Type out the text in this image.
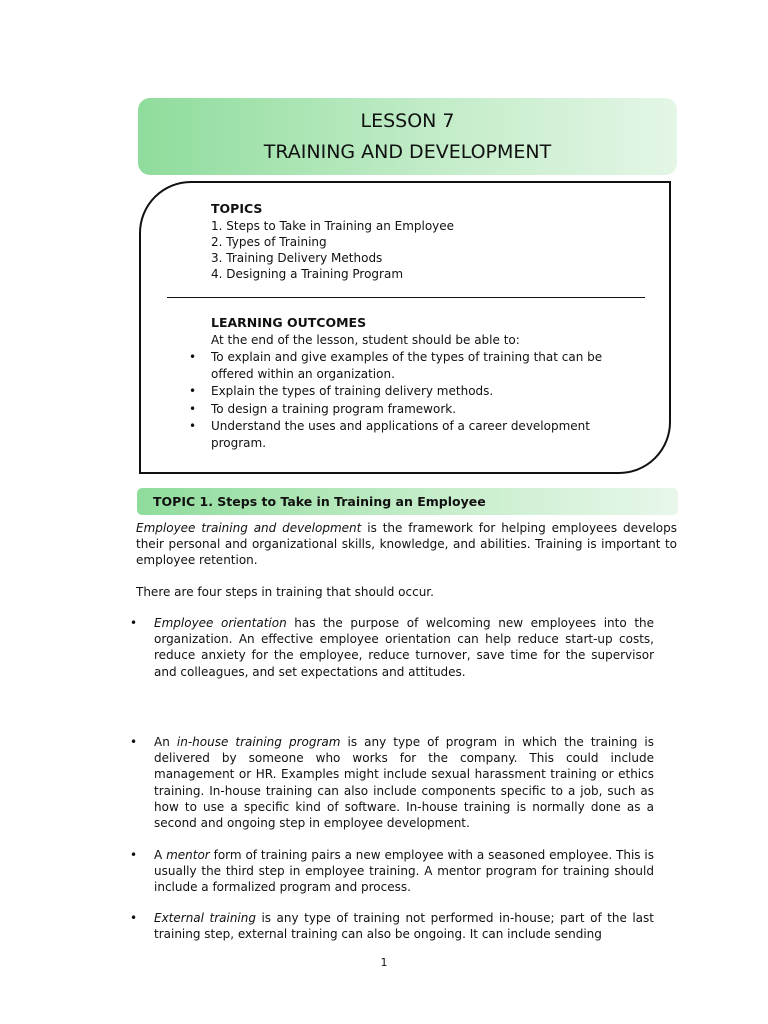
LESSON 7
TRAINING AND DEVELOPMENT
TOPICS
1. Steps to Take in Training an Employee
2. Types of Training
3. Training Delivery Methods
4. Designing a Training Program
LEARNING OUTCOMES
At the end of the lesson, student should be able to:
• To explain and give examples of the types of training that can be offered within an organization.
• Explain the types of training delivery methods.
• To design a training program framework.
• Understand the uses and applications of a career development program.
TOPIC 1. Steps to Take in Training an Employee
Employee training and development is the framework for helping employees develops their personal and organizational skills, knowledge, and abilities. Training is important to employee retention.
There are four steps in training that should occur.
• Employee orientation has the purpose of welcoming new employees into the organization. An effective employee orientation can help reduce start-up costs, reduce anxiety for the employee, reduce turnover, save time for the supervisor and colleagues, and set expectations and attitudes.
• An in-house training program is any type of program in which the training is delivered by someone who works for the company. This could include management or HR. Examples might include sexual harassment training or ethics training. In-house training can also include components specific to a job, such as how to use a specific kind of software. In-house training is normally done as a second and ongoing step in employee development.
• A mentor form of training pairs a new employee with a seasoned employee. This is usually the third step in employee training. A mentor program for training should include a formalized program and process.
• External training is any type of training not performed in-house; part of the last training step, external training can also be ongoing. It can include sending
1
